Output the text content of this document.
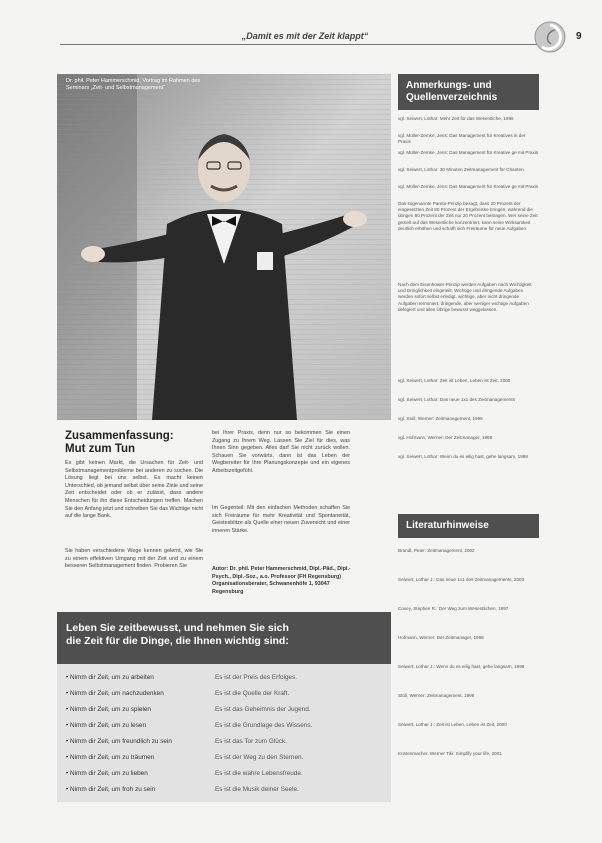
„Damit es mit der Zeit klappt“	9
Dr. phil. Peter Hammerschmid, Vortrag im Rahmen des Seminars „Zeit- und Selbstmanagement“
Zusammenfassung:
Mut zum Tun
Es gibt keinen Markt, die Ursachen für Zeit- und Selbstmanagementprobleme bei anderen zu suchen. Die Lösung liegt bei uns selbst. Es macht keinen Unterschied, ob jemand selbst über seine Ziele und seine Zeit entscheidet oder ob er zulässt, dass andere Menschen für ihn diese Entscheidungen treffen. Machen Sie den Anfang jetzt und schreiben Sie das Wichtige nicht auf die lange Bank.
Sie haben verschiedene Wege kennen gelernt, wie Sie zu einem effektiven Umgang mit der Zeit und zu einem besseren Selbstmanagement finden. Probieren Sie
bei Ihrer Praxis, denn nur so bekommen Sie einen Zugang zu Ihrem Weg. Lassen Sie Ziel für dies, was Ihnen Sinn gegeben. Alles darf Sie nicht zurück wollen. Schauen Sie vorwärts, dann ist das Leben der Wegbereiter für Ihre Planungskonzepte und ein eigenes Arbeitszeitgefühl.
Im Gegenteil: Mit den einfachen Methoden schaffen Sie sich Freiräume für mehr Kreativität und Spontaneität, Geistesblitze als Quelle einer neuen Zuversicht und einer inneren Stärke.
Autor: Dr. phil. Peter Hammerschmid, Dipl.-Päd., Dipl.-Psych., Dipl.-Soz., a.o. Professor (FH Regensburg) Organisationsberater, Schwanenhöfe 1, 93047 Regensburg
Leben Sie zeitbewusst, und nehmen Sie sich
die Zeit für die Dinge, die Ihnen wichtig sind:
• Nimm dir Zeit, um zu arbeiten	Es ist der Preis des Erfolges.
• Nimm dir Zeit, um nachzudenken	Es ist die Quelle der Kraft.
• Nimm dir Zeit, um zu spielen	Es ist das Geheimnis der Jugend.
• Nimm dir Zeit, um zu lesen	Es ist die Grundlage des Wissens.
• Nimm dir Zeit, um freundlich zu sein	Es ist das Tor zum Glück.
• Nimm dir Zeit, um zu träumen	Es ist der Weg zu den Sternen.
• Nimm dir Zeit, um zu lieben	Es ist die wahre Lebensfreude.
• Nimm dir Zeit, um froh zu sein	Es ist die Musik deiner Seele.
Anmerkungs- und
Quellenverzeichnis
vgl. Seiwert, Lothar: Mehr Zeit für das Wesentliche, 1996
vgl. Müller-Zemke, Jens: Das Management für Kreatives in der Praxis
vgl. Müller-Zemke, Jens: Das Management für Kreative ge mit Praxis
vgl. Seiwert, Lothar: 30 Minuten Zeitmanagement für Chaoten
vgl. Müller-Zemke, Jens: Das Management für Kreative ge mit Praxis
Das sogenannte Pareto-Prinzip besagt, dass 20 Prozent der eingesetzten Zeit 80 Prozent der Ergebnisse bringen, während die übrigen 80 Prozent der Zeit nur 20 Prozent beitragen. Wer seine Zeit gezielt auf das Wesentliche konzentriert, kann seine Wirksamkeit deutlich erhöhen und schafft sich Freiräume für neue Aufgaben.
Nach dem Eisenhower-Prinzip werden Aufgaben nach Wichtigkeit und Dringlichkeit eingeteilt. Wichtige und dringende Aufgaben werden sofort selbst erledigt, wichtige, aber nicht dringende Aufgaben terminiert, dringende, aber weniger wichtige Aufgaben delegiert und alles Übrige bewusst weggelassen.
vgl. Seiwert, Lothar: Zeit ist Leben, Leben ist Zeit, 2000
vgl. Seiwert, Lothar: Das neue 1x1 des Zeitmanagements
vgl. Stoll, Werner: Zeitmanagement, 1996
vgl. Hofmann, Werner: Der Zeitmanager, 1998
vgl. Seiwert, Lothar: Wenn du es eilig hast, gehe langsam, 1998
Literaturhinweise
Brandl, Peter: Zeitmanagement, 2002
Seiwert, Lothar J.: Das neue 1x1 des Zeitmanagements, 2003
Covey, Stephen R.: Der Weg zum Wesentlichen, 1997
Hofmann, Werner: Der Zeitmanager, 1998
Seiwert, Lothar J.: Wenn du es eilig hast, gehe langsam, 1998
Stoll, Werner: Zeitmanagement, 1996
Seiwert, Lothar J.: Zeit ist Leben, Leben ist Zeit, 2000
Küstenmacher, Werner Tiki: Simplify your life, 2001
